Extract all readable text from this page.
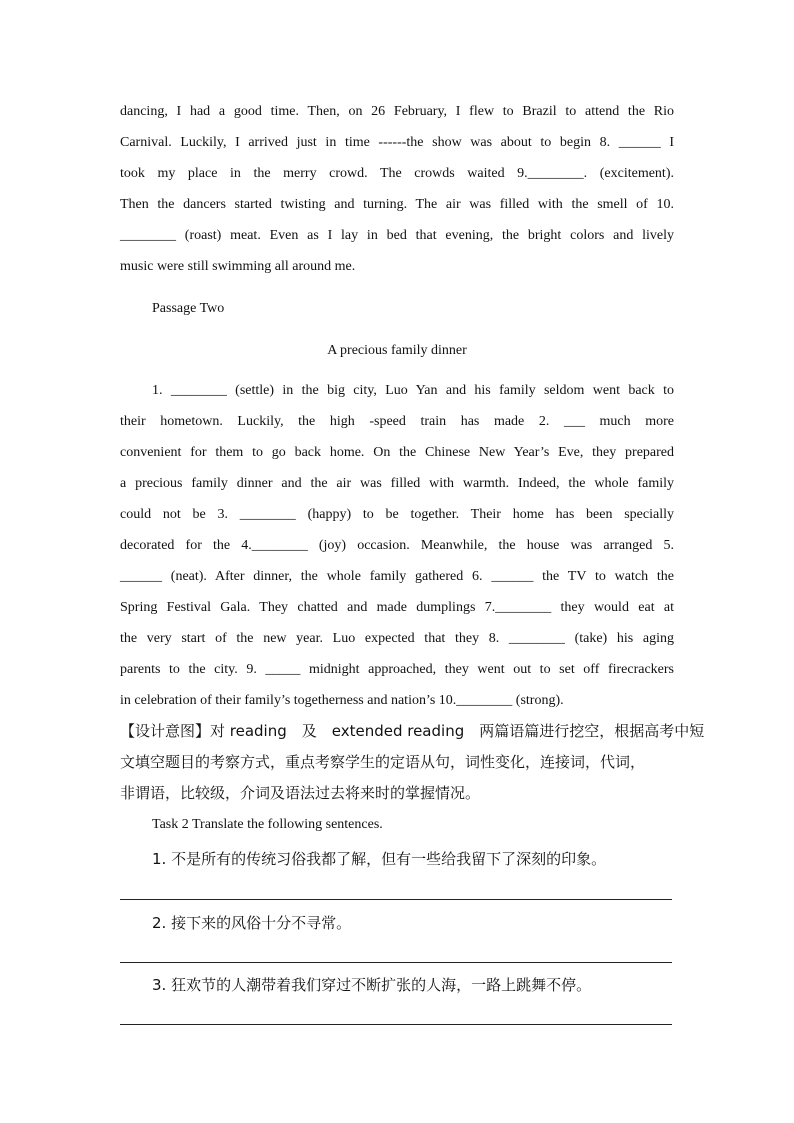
dancing, I had a good time. Then, on 26 February, I flew to Brazil to attend the Rio
Carnival. Luckily, I arrived just in time ------the show was about to begin 8. ______ I
took my place in the merry crowd. The crowds waited 9.________. (excitement).
Then the dancers started twisting and turning. The air was filled with the smell of 10.
________ (roast) meat. Even as I lay in bed that evening, the bright colors and lively
music were still swimming all around me.
Passage Two
A precious family dinner
1. ________ (settle) in the big city, Luo Yan and his family seldom went back to
their hometown. Luckily, the high -speed train has made 2. ___ much more
convenient for them to go back home. On the Chinese New Year’s Eve, they prepared
a precious family dinner and the air was filled with warmth. Indeed, the whole family
could not be 3. ________ (happy) to be together. Their home has been specially
decorated for the 4.________ (joy) occasion. Meanwhile, the house was arranged 5.
______ (neat). After dinner, the whole family gathered 6. ______ the TV to watch the
Spring Festival Gala. They chatted and made dumplings 7.________ they would eat at
the very start of the new year. Luo expected that they 8. ________ (take) his aging
parents to the city. 9. _____ midnight approached, they went out to set off firecrackers
in celebration of their family’s togetherness and nation’s 10.________ (strong).
【设计意图】对 reading　及　extended reading　两篇语篇进行挖空，根据高考中短
文填空题目的考察方式，重点考察学生的定语从句，词性变化，连接词，代词，
非谓语，比较级，介词及语法过去将来时的掌握情况。
Task 2 Translate the following sentences.
1. 不是所有的传统习俗我都了解，但有一些给我留下了深刻的印象。
2. 接下来的风俗十分不寻常。
3. 狂欢节的人潮带着我们穿过不断扩张的人海，一路上跳舞不停。
